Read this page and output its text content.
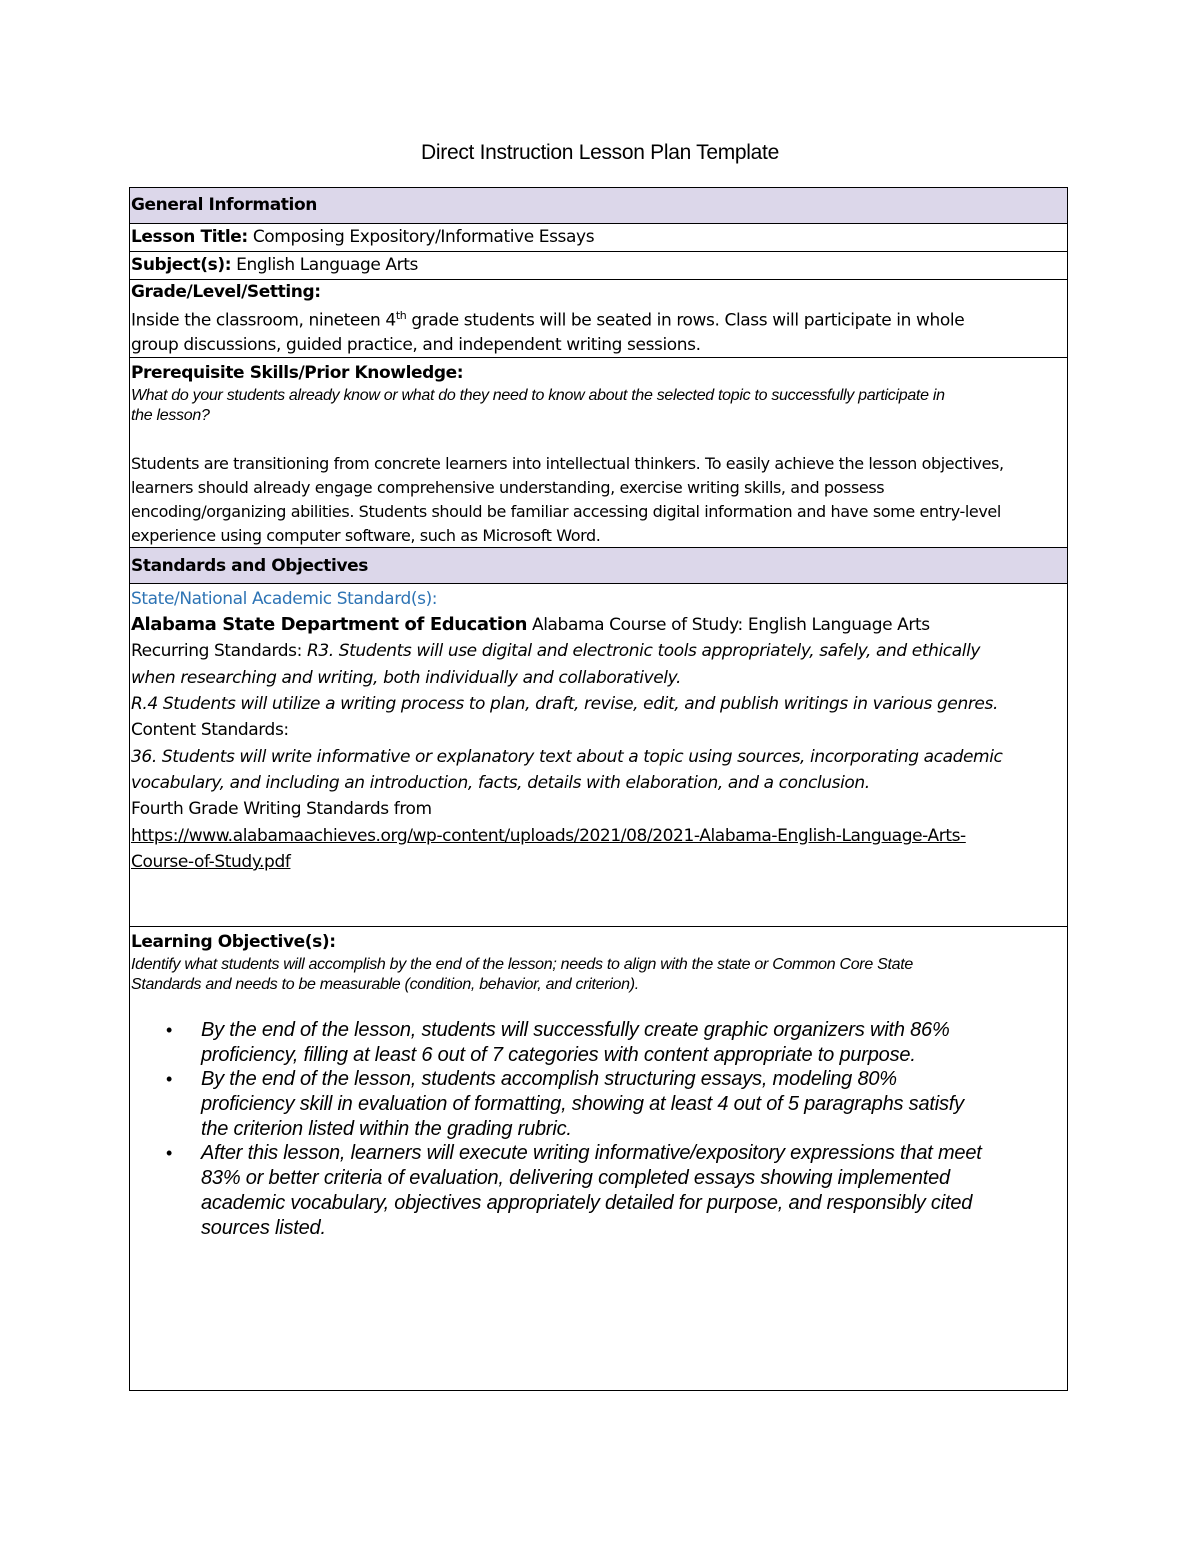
Direct Instruction Lesson Plan Template
General Information
Lesson Title: Composing Expository/Informative Essays
Subject(s): English Language Arts
Grade/Level/Setting:
Inside the classroom, nineteen 4th grade students will be seated in rows. Class will participate in whole
group discussions, guided practice, and independent writing sessions.
Prerequisite Skills/Prior Knowledge:
What do your students already know or what do they need to know about the selected topic to successfully participate in
the lesson?
Students are transitioning from concrete learners into intellectual thinkers. To easily achieve the lesson objectives,
learners should already engage comprehensive understanding, exercise writing skills, and possess
encoding/organizing abilities. Students should be familiar accessing digital information and have some entry-level
experience using computer software, such as Microsoft Word.
Standards and Objectives
State/National Academic Standard(s):
Alabama State Department of Education Alabama Course of Study: English Language Arts
Recurring Standards: R3. Students will use digital and electronic tools appropriately, safely, and ethically
when researching and writing, both individually and collaboratively.
R.4 Students will utilize a writing process to plan, draft, revise, edit, and publish writings in various genres.
Content Standards:
36. Students will write informative or explanatory text about a topic using sources, incorporating academic
vocabulary, and including an introduction, facts, details with elaboration, and a conclusion.
Fourth Grade Writing Standards from
https://www.alabamaachieves.org/wp-content/uploads/2021/08/2021-Alabama-English-Language-Arts-
Course-of-Study.pdf
Learning Objective(s):
Identify what students will accomplish by the end of the lesson; needs to align with the state or Common Core State
Standards and needs to be measurable (condition, behavior, and criterion).
• By the end of the lesson, students will successfully create graphic organizers with 86%
proficiency, filling at least 6 out of 7 categories with content appropriate to purpose.
• By the end of the lesson, students accomplish structuring essays, modeling 80%
proficiency skill in evaluation of formatting, showing at least 4 out of 5 paragraphs satisfy
the criterion listed within the grading rubric.
• After this lesson, learners will execute writing informative/expository expressions that meet
83% or better criteria of evaluation, delivering completed essays showing implemented
academic vocabulary, objectives appropriately detailed for purpose, and responsibly cited
sources listed.
